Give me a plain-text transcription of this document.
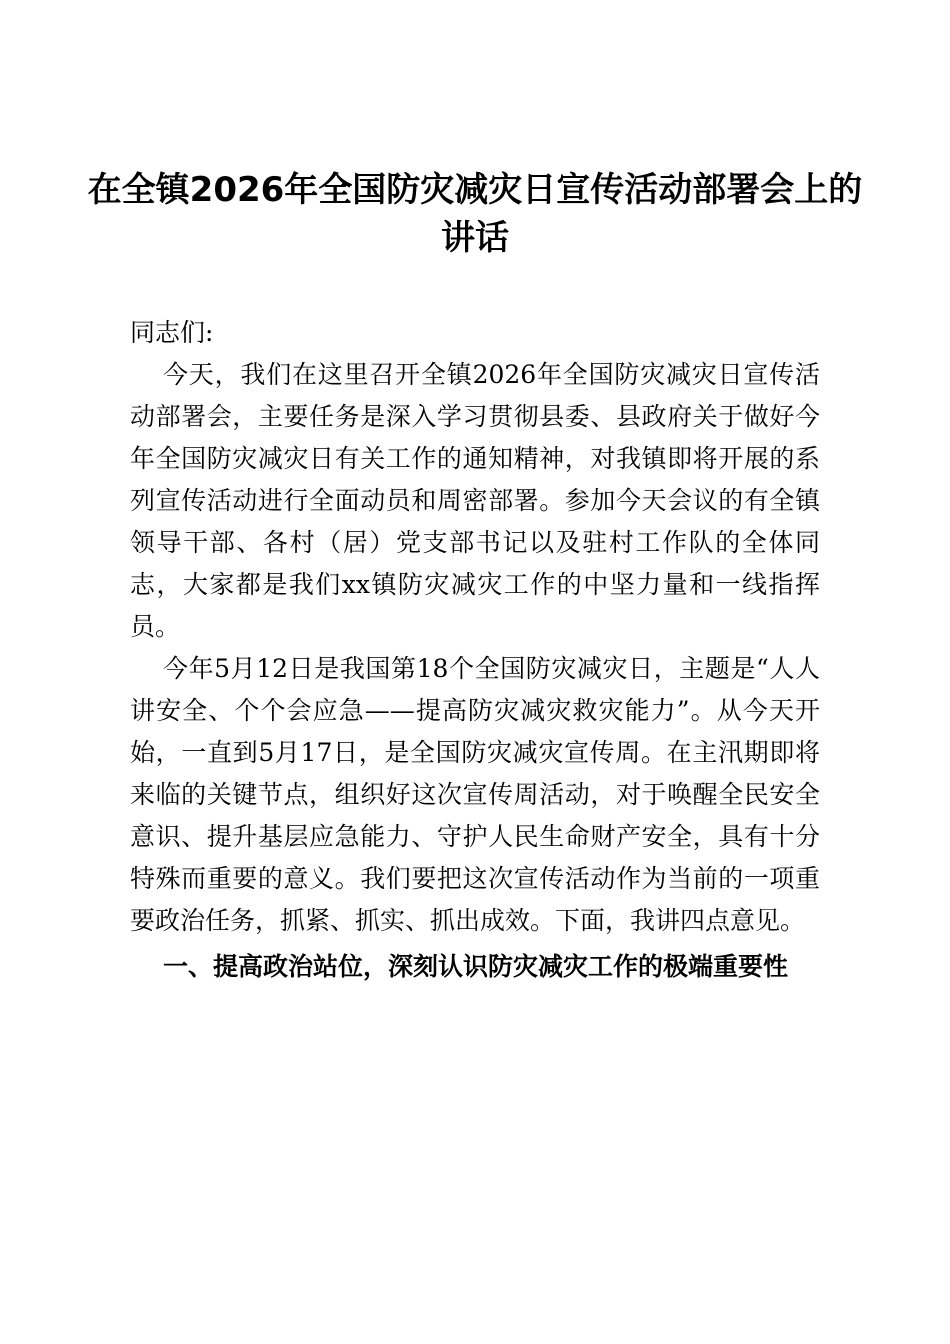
在全镇2026年全国防灾减灾日宣传活动部署会上的讲话

同志们:

今天，我们在这里召开全镇2026年全国防灾减灾日宣传活动部署会，主要任务是深入学习贯彻县委、县政府关于做好今年全国防灾减灾日有关工作的通知精神，对我镇即将开展的系列宣传活动进行全面动员和周密部署。参加今天会议的有全镇领导干部、各村（居）党支部书记以及驻村工作队的全体同志，大家都是我们xx镇防灾减灾工作的中坚力量和一线指挥员。

今年5月12日是我国第18个全国防灾减灾日，主题是“人人讲安全、个个会应急——提高防灾减灾救灾能力”。从今天开始，一直到5月17日，是全国防灾减灾宣传周。在主汛期即将来临的关键节点，组织好这次宣传周活动，对于唤醒全民安全意识、提升基层应急能力、守护人民生命财产安全，具有十分特殊而重要的意义。我们要把这次宣传活动作为当前的一项重要政治任务，抓紧、抓实、抓出成效。下面，我讲四点意见。

一、提高政治站位，深刻认识防灾减灾工作的极端重要性
